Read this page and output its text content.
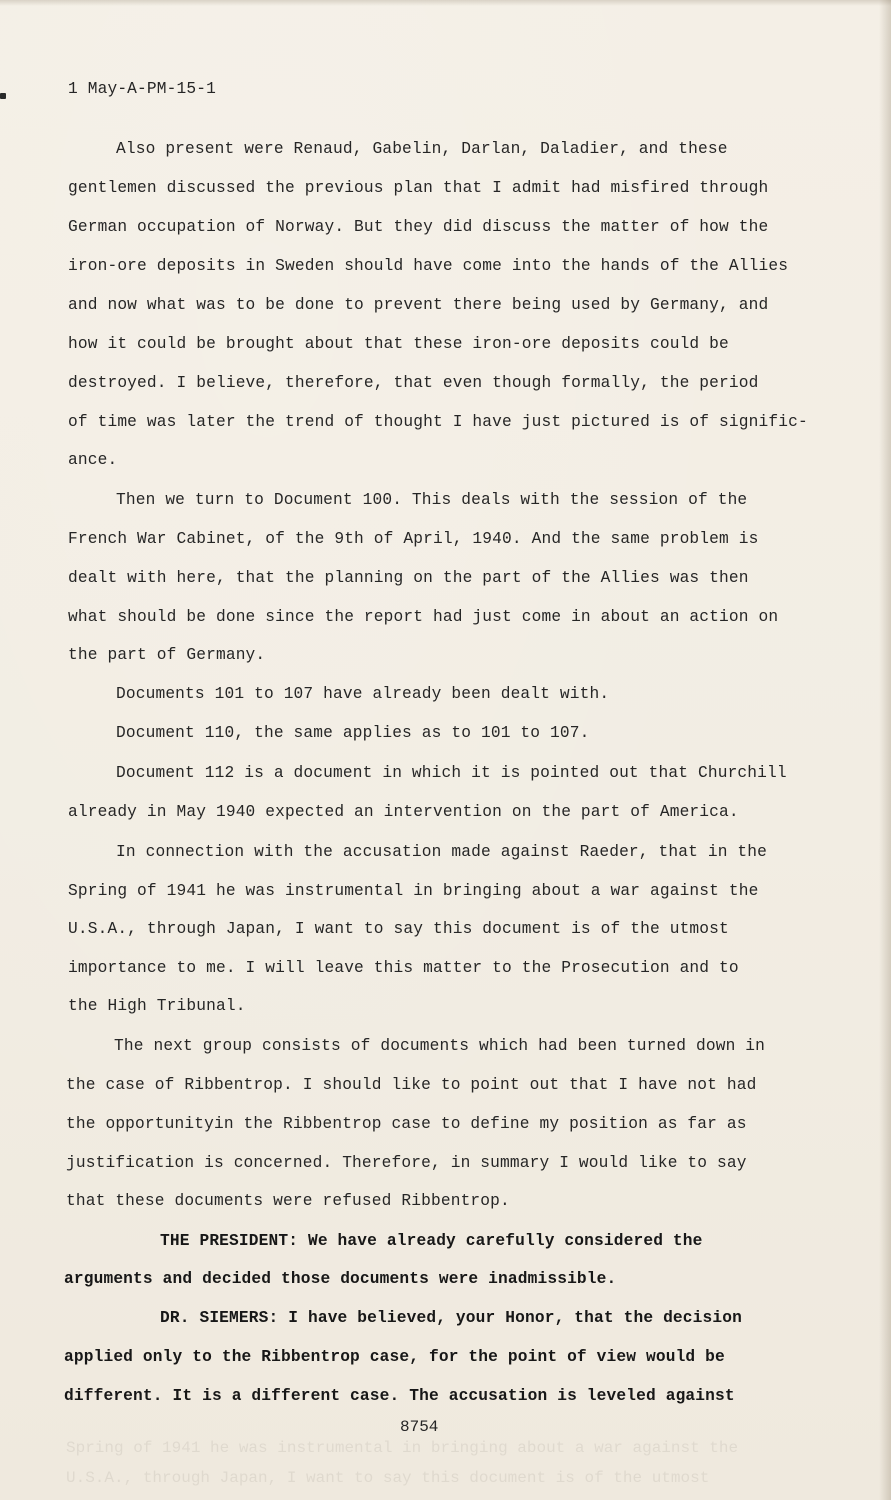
1 May-A-PM-15-1
Also present were Renaud, Gabelin, Darlan, Daladier, and these
gentlemen discussed the previous plan that I admit had misfired through
German occupation of Norway. But they did discuss the matter of how the
iron-ore deposits in Sweden should have come into the hands of the Allies
and now what was to be done to prevent there being used by Germany, and
how it could be brought about that these iron-ore deposits could be
destroyed. I believe, therefore, that even though formally, the period
of time was later the trend of thought I have just pictured is of signific-
ance.
Then we turn to Document 100. This deals with the session of the
French War Cabinet, of the 9th of April, 1940. And the same problem is
dealt with here, that the planning on the part of the Allies was then
what should be done since the report had just come in about an action on
the part of Germany.
Documents 101 to 107 have already been dealt with.
Document 110, the same applies as to 101 to 107.
Document 112 is a document in which it is pointed out that Churchill
already in May 1940 expected an intervention on the part of America.
In connection with the accusation made against Raeder, that in the
Spring of 1941 he was instrumental in bringing about a war against the
U.S.A., through Japan, I want to say this document is of the utmost
importance to me. I will leave this matter to the Prosecution and to
the High Tribunal.
The next group consists of documents which had been turned down in
the case of Ribbentrop. I should like to point out that I have not had
the opportunityin the Ribbentrop case to define my position as far as
justification is concerned. Therefore, in summary I would like to say
that these documents were refused Ribbentrop.
THE PRESIDENT: We have already carefully considered the
arguments and decided those documents were inadmissible.
DR. SIEMERS: I have believed, your Honor, that the decision
applied only to the Ribbentrop case, for the point of view would be
different. It is a different case. The accusation is leveled against
8754
Spring of 1941 he was instrumental in bringing about a war against the
U.S.A., through Japan, I want to say this document is of the utmost
